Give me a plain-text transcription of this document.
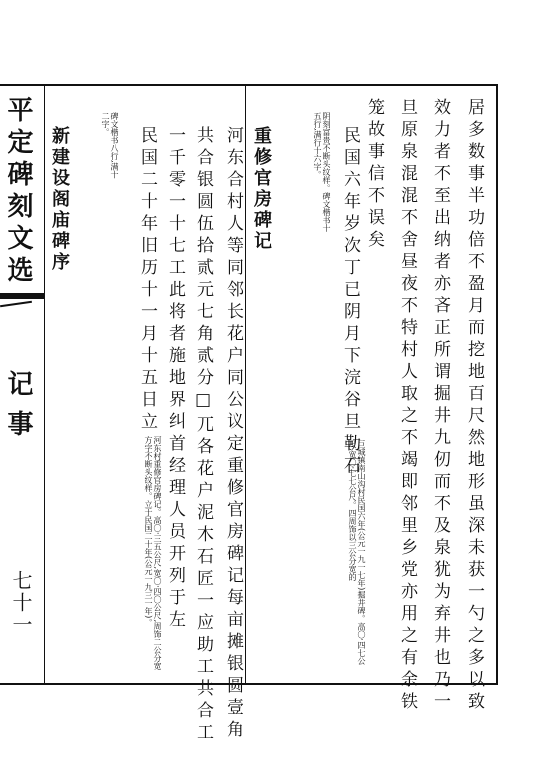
居多数事半功倍不盈月而挖地百尺然地形虽深未获一勺之多以致
效力者不至出纳者亦吝正所谓掘井九仞而不及泉犹为弃井也乃一
旦原泉混混不舍昼夜不特村人取之不竭即邻里乡党亦用之有余铁
笼故事信不误矣
民国六年岁次丁已阴月下浣谷旦勒石
巨城镇南山沟村民国六年(公元一九一七年)掘井碑。高〇·四七公尺,宽〇·七七公尺。四周饰以三公分宽的
阴刻富贵不断头纹样。碑文楷书十五行,满行十六字。
重修官房碑记
河东合村人等同邻长花户同公议定重修官房碑记每亩摊银圆壹角
共合银圆伍拾贰元七角贰分□兀各花户泥木石匠一应助工共合工
一千零一十七工此将者施地界纠首经理人员开列于左
民国二十年旧历十一月十五日立
河东村重修官房碑记。高〇·三五公尺,宽〇·四〇公尺,周饰二公分宽方字不断头纹样。立于民国二十年(公元一九三一年)。
新建设阁庙碑序	碑文楷书八行,满十二字。
平定碑刻文选
记事
七十一
